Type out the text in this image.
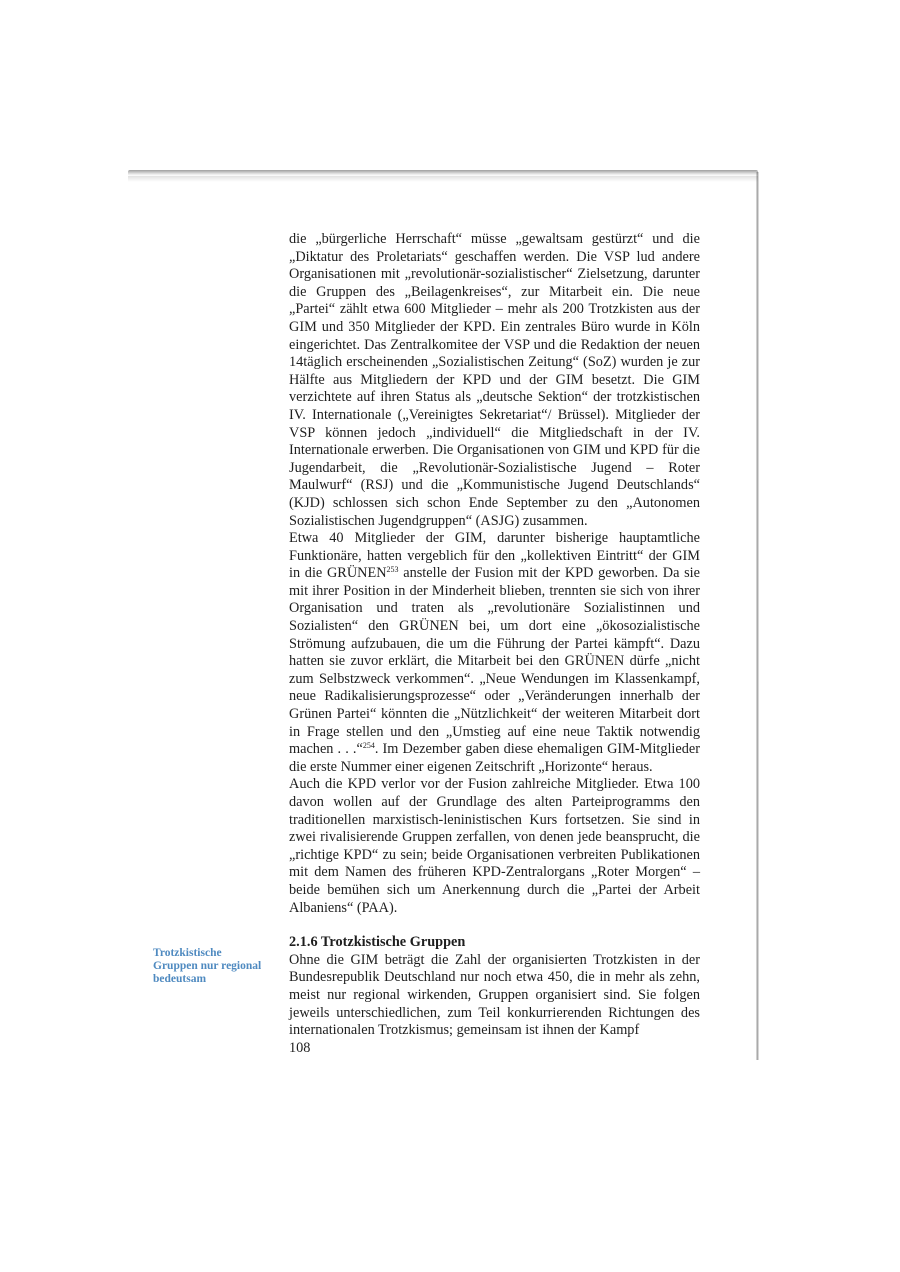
die „bürgerliche Herrschaft“ müsse „gewaltsam gestürzt“ und die „Diktatur des Proletariats“ geschaffen werden. Die VSP lud andere Organisationen mit „revolutionär-sozialistischer“ Zielsetzung, darunter die Gruppen des „Beilagenkreises“, zur Mitarbeit ein. Die neue „Partei“ zählt etwa 600 Mitglieder – mehr als 200 Trotzkisten aus der GIM und 350 Mitglieder der KPD. Ein zentrales Büro wurde in Köln eingerichtet. Das Zentralkomitee der VSP und die Redaktion der neuen 14täglich erscheinenden „Sozialistischen Zeitung“ (SoZ) wurden je zur Hälfte aus Mitgliedern der KPD und der GIM besetzt. Die GIM verzichtete auf ihren Status als „deutsche Sektion“ der trotzkistischen IV. Internationale („Vereinigtes Sekretariat“/ Brüssel). Mitglieder der VSP können jedoch „individuell“ die Mitgliedschaft in der IV. Internationale erwerben. Die Organisationen von GIM und KPD für die Jugendarbeit, die „Revolutionär-Sozialistische Jugend – Roter Maulwurf“ (RSJ) und die „Kommunistische Jugend Deutschlands“ (KJD) schlossen sich schon Ende September zu den „Autonomen Sozialistischen Jugendgruppen“ (ASJG) zusammen.

Etwa 40 Mitglieder der GIM, darunter bisherige hauptamtliche Funktionäre, hatten vergeblich für den „kollektiven Eintritt“ der GIM in die GRÜNEN$^{253}$ anstelle der Fusion mit der KPD geworben. Da sie mit ihrer Position in der Minderheit blieben, trennten sie sich von ihrer Organisation und traten als „revolutionäre Sozialistinnen und Sozialisten“ den GRÜNEN bei, um dort eine „ökosozialistische Strömung aufzubauen, die um die Führung der Partei kämpft“. Dazu hatten sie zuvor erklärt, die Mitarbeit bei den GRÜNEN dürfe „nicht zum Selbstzweck verkommen“. „Neue Wendungen im Klassenkampf, neue Radikalisierungsprozesse“ oder „Veränderungen innerhalb der Grünen Partei“ könnten die „Nützlichkeit“ der weiteren Mitarbeit dort in Frage stellen und den „Umstieg auf eine neue Taktik notwendig machen . . .“$^{254}$. Im Dezember gaben diese ehemaligen GIM-Mitglieder die erste Nummer einer eigenen Zeitschrift „Horizonte“ heraus.

Auch die KPD verlor vor der Fusion zahlreiche Mitglieder. Etwa 100 davon wollen auf der Grundlage des alten Parteiprogramms den traditionellen marxistisch-leninistischen Kurs fortsetzen. Sie sind in zwei rivalisierende Gruppen zerfallen, von denen jede beansprucht, die „richtige KPD“ zu sein; beide Organisationen verbreiten Publikationen mit dem Namen des früheren KPD-Zentralorgans „Roter Morgen“ – beide bemühen sich um Anerkennung durch die „Partei der Arbeit Albaniens“ (PAA).

2.1.6 Trotzkistische Gruppen

Ohne die GIM beträgt die Zahl der organisierten Trotzkisten in der Bundesrepublik Deutschland nur noch etwa 450, die in mehr als zehn, meist nur regional wirkenden, Gruppen organisiert sind. Sie folgen jeweils unterschiedlichen, zum Teil konkurrierenden Richtungen des internationalen Trotzkismus; gemeinsam ist ihnen der Kampf

Trotzkistische Gruppen nur regional bedeutsam
108
